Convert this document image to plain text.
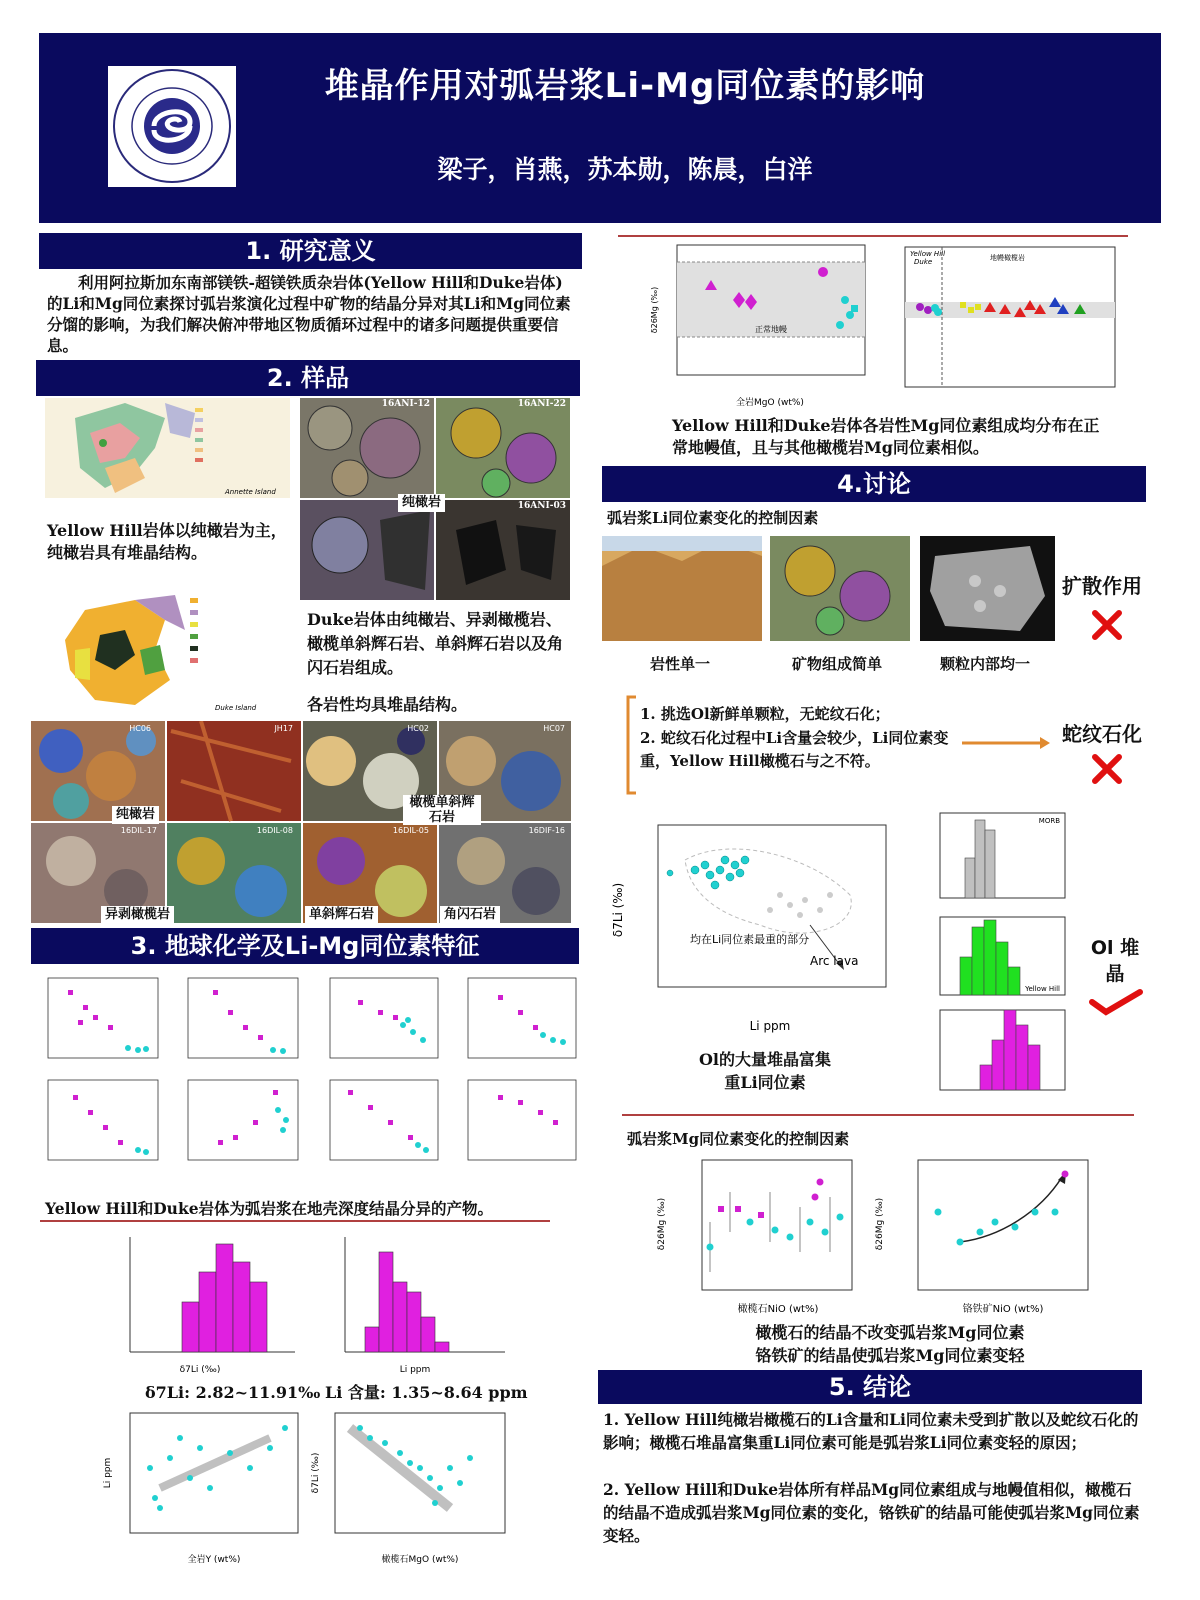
堆晶作用对弧岩浆Li-Mg同位素的影响
梁子，肖燕，苏本勋，陈晨，白洋
1. 研究意义
利用阿拉斯加东南部镁铁-超镁铁质杂岩体(Yellow Hill和Duke岩体)的Li和Mg同位素探讨弧岩浆演化过程中矿物的结晶分异对其Li和Mg同位素分馏的影响，为我们解决俯冲带地区物质循环过程中的诸多问题提供重要信息。
2. 样品
Annette Island
Yellow Hill岩体以纯橄岩为主，纯橄岩具有堆晶结构。
Duke Island
16ANI-12	16ANI-22
16ANI-03
纯橄岩
Duke岩体由纯橄岩、异剥橄榄岩、橄榄单斜辉石岩、单斜辉石岩以及角闪石岩组成。
各岩性均具堆晶结构。
HC06	JH17	HC02	HC07
16DIL-17	16DIL-08	16DIL-05	16DIF-16
纯橄岩
橄榄单斜辉石岩
异剥橄榄岩	单斜辉石岩	角闪石岩
3. 地球化学及Li-Mg同位素特征
Yellow Hill和Duke岩体为弧岩浆在地壳深度结晶分异的产物。
δ7Li (‰)	Li ppm
δ7Li: 2.82~11.91‰ Li 含量: 1.35~8.64 ppm
全岩Y (wt%)
Li ppm
橄榄石MgO (wt%)
δ7Li (‰)
正常地幔
全岩MgO (wt%)
δ26Mg (‰)
Yellow Hill
Duke	地幔橄榄岩
Yellow Hill和Duke岩体各岩性Mg同位素组成均分布在正常地幔值，且与其他橄榄岩Mg同位素相似。
4.讨论
弧岩浆Li同位素变化的控制因素
岩性单一	矿物组成简单	颗粒内部均一
扩散作用
1. 挑选Ol新鲜单颗粒，无蛇纹石化；
2. 蛇纹石化过程中Li含量会较少，Li同位素变重，Yellow Hill橄榄石与之不符。
蛇纹石化
均在Li同位素最重的部分
Arc lava
Li ppm
δ7Li (‰)
MORB
Yellow Hill
Ol 堆晶
Ol的大量堆晶富集重Li同位素
弧岩浆Mg同位素变化的控制因素
橄榄石NiO (wt%)
δ26Mg (‰)
铬铁矿NiO (wt%)
δ26Mg (‰)
橄榄石的结晶不改变弧岩浆Mg同位素
铬铁矿的结晶使弧岩浆Mg同位素变轻
5. 结论
1. Yellow Hill纯橄岩橄榄石的Li含量和Li同位素未受到扩散以及蛇纹石化的影响；橄榄石堆晶富集重Li同位素可能是弧岩浆Li同位素变轻的原因；
2. Yellow Hill和Duke岩体所有样品Mg同位素组成与地幔值相似，橄榄石的结晶不造成弧岩浆Mg同位素的变化，铬铁矿的结晶可能使弧岩浆Mg同位素变轻。
